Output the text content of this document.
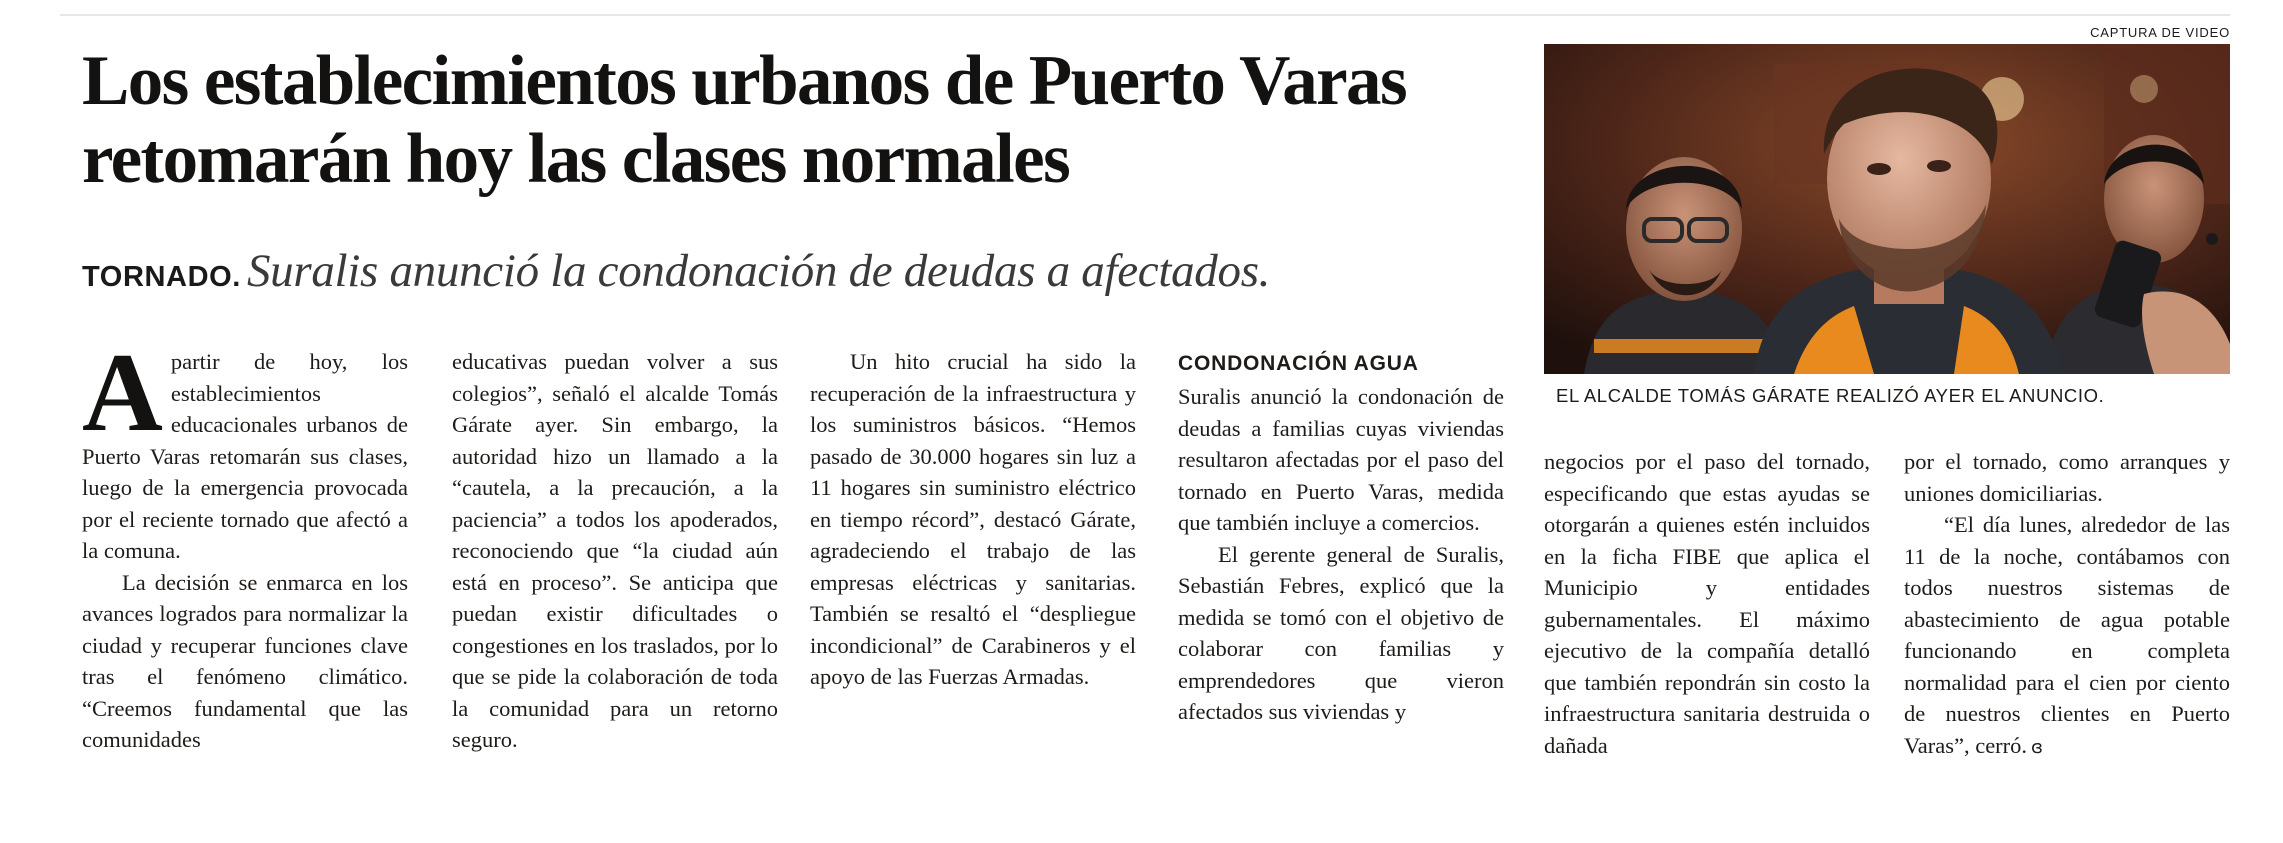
Los establecimientos urbanos de Puerto Varas retomarán hoy las clases normales
TORNADO. Suralis anunció la condonación de deudas a afectados.

Apartir de hoy, los establecimientos educacionales urbanos de Puerto Varas retomarán sus clases, luego de la emergencia provocada por el reciente tornado que afectó a la comuna.

La decisión se enmarca en los avances logrados para normalizar la ciudad y recuperar funciones clave tras el fenómeno climático. “Creemos fundamental que las comunidades

educativas puedan volver a sus colegios”, señaló el alcalde Tomás Gárate ayer. Sin embargo, la autoridad hizo un llamado a la “cautela, a la precaución, a la paciencia” a todos los apoderados, reconociendo que “la ciudad aún está en proceso”. Se anticipa que puedan existir dificultades o congestiones en los traslados, por lo que se pide la colaboración de toda la comunidad para un retorno seguro.

Un hito crucial ha sido la recuperación de la infraestructura y los suministros básicos. “Hemos pasado de 30.000 hogares sin luz a 11 hogares sin suministro eléctrico en tiempo récord”, destacó Gárate, agradeciendo el trabajo de las empresas eléctricas y sanitarias. También se resaltó el “despliegue incondicional” de Carabineros y el apoyo de las Fuerzas Armadas.

CONDONACIÓN AGUA

Suralis anunció la condonación de deudas a familias cuyas viviendas resultaron afectadas por el paso del tornado en Puerto Varas, medida que también incluye a comercios.

El gerente general de Suralis, Sebastián Febres, explicó que la medida se tomó con el objetivo de colaborar con familias y emprendedores que vieron afectados sus viviendas y

negocios por el paso del tornado, especificando que estas ayudas se otorgarán a quienes estén incluidos en la ficha FIBE que aplica el Municipio y entidades gubernamentales. El máximo ejecutivo de la compañía detalló que también repondrán sin costo la infraestructura sanitaria destruida o dañada

por el tornado, como arranques y uniones domiciliarias.

“El día lunes, alrededor de las 11 de la noche, contábamos con todos nuestros sistemas de abastecimiento de agua potable funcionando en completa normalidad para el cien por ciento de nuestros clientes en Puerto Varas”, cerró. ɞ

CAPTURA DE VIDEO
EL ALCALDE TOMÁS GÁRATE REALIZÓ AYER EL ANUNCIO.
